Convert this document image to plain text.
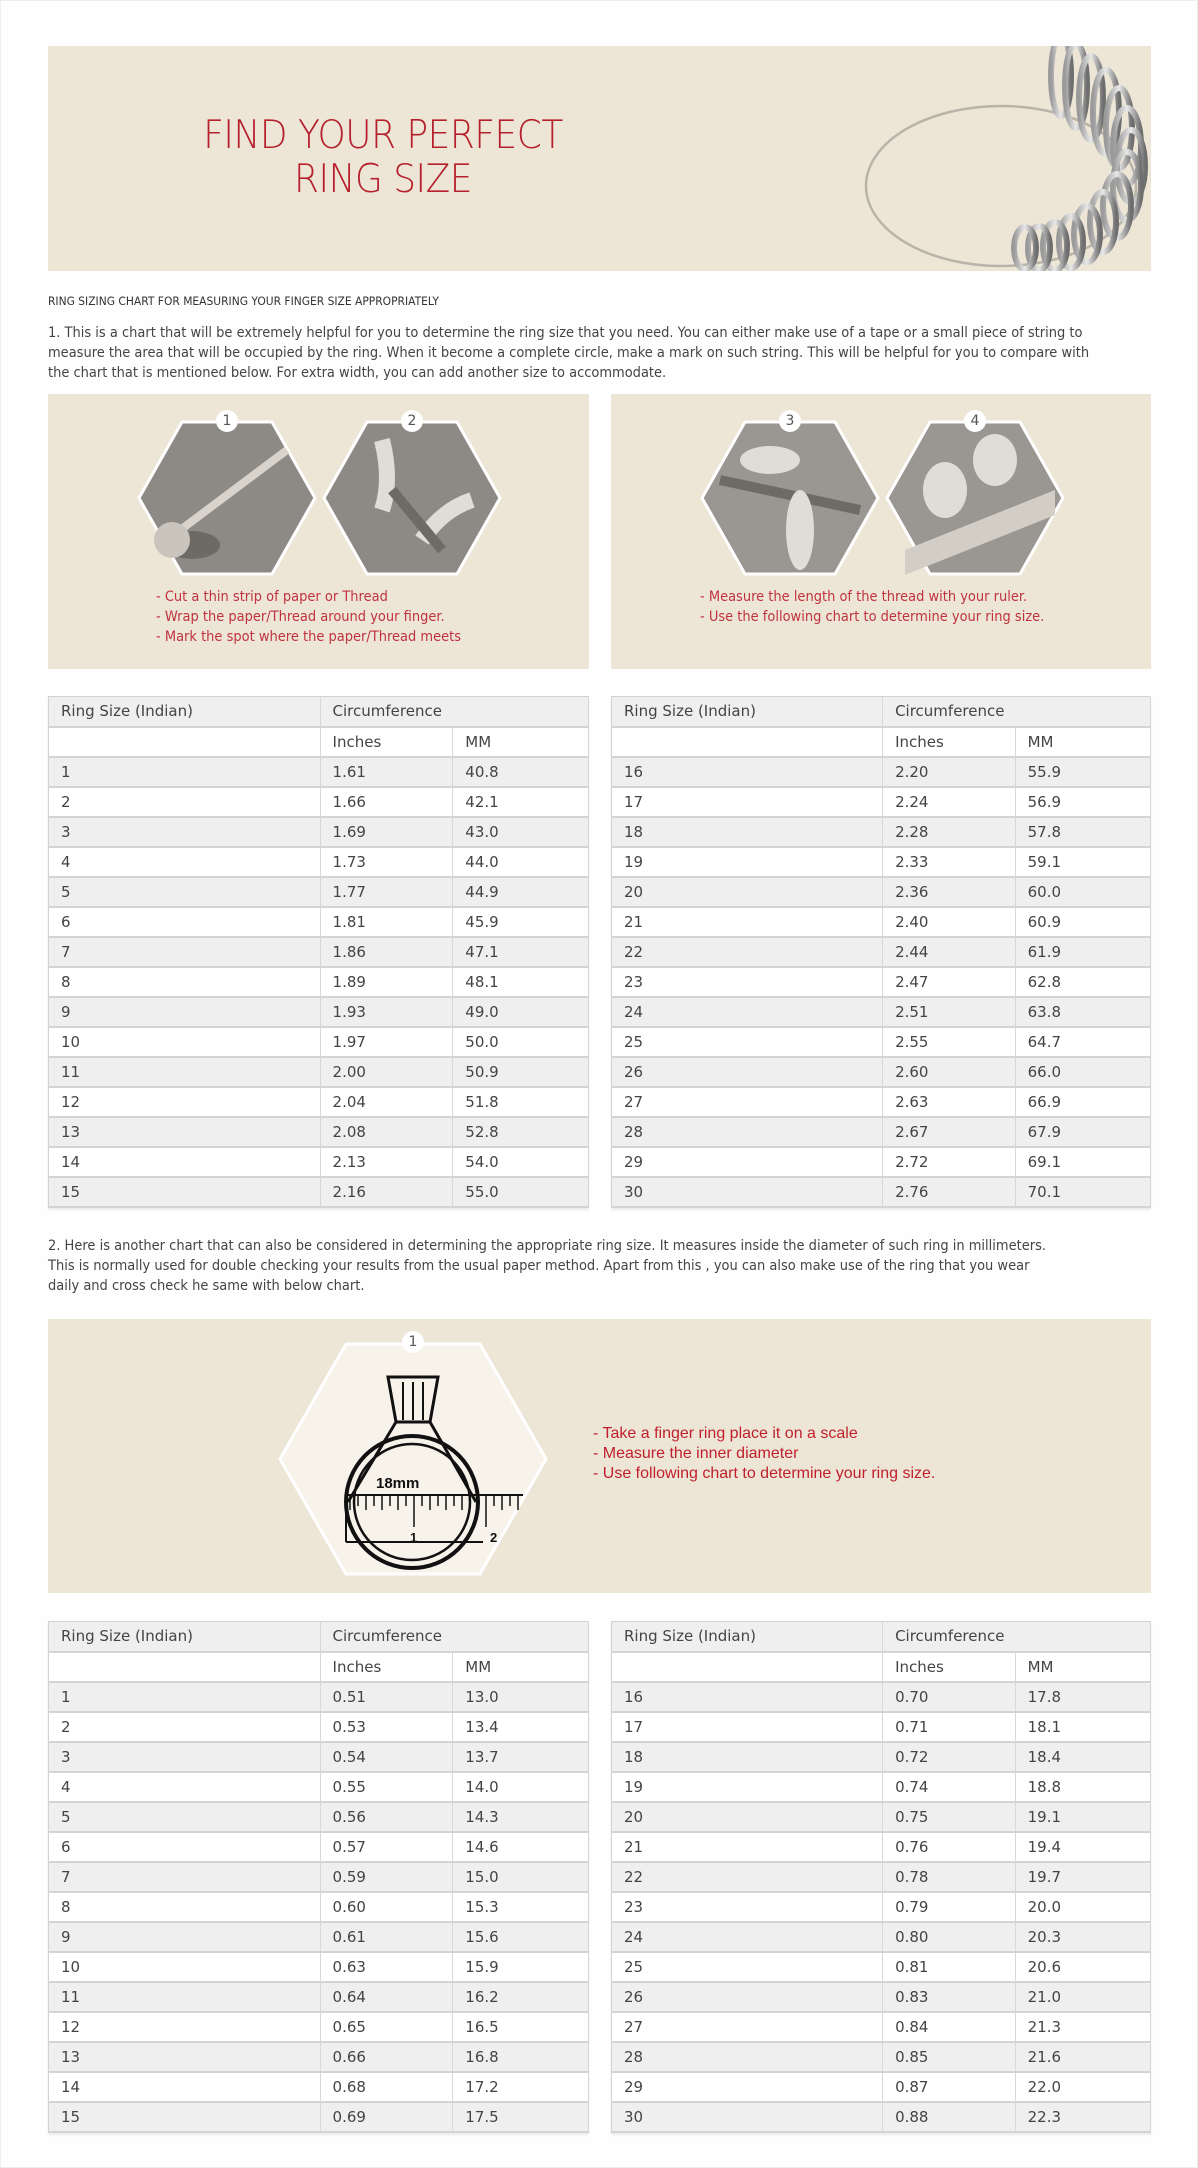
FIND YOUR PERFECT
RING SIZE
RING SIZING CHART FOR MEASURING YOUR FINGER SIZE APPROPRIATELY
1. This is a chart that will be extremely helpful for you to determine the ring size that you need. You can either make use of a tape or a small piece of string to
measure the area that will be occupied by the ring. When it become a complete circle, make a mark on such string. This will be helpful for you to compare with
the chart that is mentioned below. For extra width, you can add another size to accommodate.
1	2
- Cut a thin strip of paper or Thread
- Wrap the paper/Thread around your finger.
- Mark the spot where the paper/Thread meets
3	4
- Measure the length of the thread with your ruler.
- Use the following chart to determine your ring size.
Ring Size (Indian)	Circumference	
	Inches	MM
1	1.61	40.8
2	1.66	42.1
3	1.69	43.0
4	1.73	44.0
5	1.77	44.9
6	1.81	45.9
7	1.86	47.1
8	1.89	48.1
9	1.93	49.0
10	1.97	50.0
11	2.00	50.9
12	2.04	51.8
13	2.08	52.8
14	2.13	54.0
15	2.16	55.0
Ring Size (Indian)	Circumference	
	Inches	MM
16	2.20	55.9
17	2.24	56.9
18	2.28	57.8
19	2.33	59.1
20	2.36	60.0
21	2.40	60.9
22	2.44	61.9
23	2.47	62.8
24	2.51	63.8
25	2.55	64.7
26	2.60	66.0
27	2.63	66.9
28	2.67	67.9
29	2.72	69.1
30	2.76	70.1
2. Here is another chart that can also be considered in determining the appropriate ring size. It measures inside the diameter of such ring in millimeters.
This is normally used for double checking your results from the usual paper method. Apart from this , you can also make use of the ring that you wear
daily and cross check he same with below chart.
18mm
1	2
1
- Take a finger ring place it on a scale
- Measure the inner diameter
- Use following chart to determine your ring size.
Ring Size (Indian)	Circumference	
	Inches	MM
1	0.51	13.0
2	0.53	13.4
3	0.54	13.7
4	0.55	14.0
5	0.56	14.3
6	0.57	14.6
7	0.59	15.0
8	0.60	15.3
9	0.61	15.6
10	0.63	15.9
11	0.64	16.2
12	0.65	16.5
13	0.66	16.8
14	0.68	17.2
15	0.69	17.5
Ring Size (Indian)	Circumference	
	Inches	MM
16	0.70	17.8
17	0.71	18.1
18	0.72	18.4
19	0.74	18.8
20	0.75	19.1
21	0.76	19.4
22	0.78	19.7
23	0.79	20.0
24	0.80	20.3
25	0.81	20.6
26	0.83	21.0
27	0.84	21.3
28	0.85	21.6
29	0.87	22.0
30	0.88	22.3
